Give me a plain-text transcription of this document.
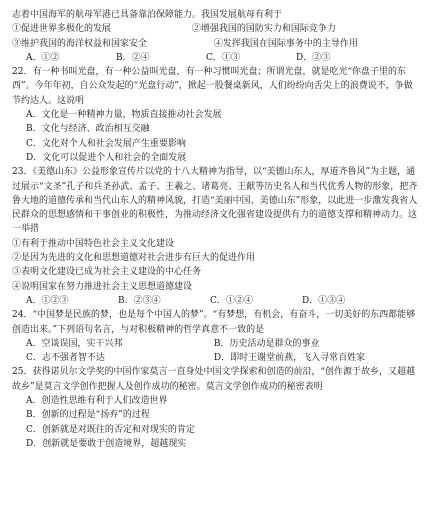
志着中国海军的航母军港已具备靠泊保障能力。我国发展航母有利于
①促进世界多极化的发展	②增强我国的国防实力和国际竞争力
③维护我国的海洋权益和国家安全	④发挥我国在国际事务中的主导作用
A．①②	B．②④	C．①③	D．②③
22．有一种书叫光盘，有一种公益叫光盘，有一种习惯叫光盘；所谓光盘，就是吃光“你盘子里的东西”。今年年初，自公众发起的“光盘行动”，掀起一股餐桌新风，人们纷纷向舌尖上的浪费说不，争做节约达人。这说明
A．文化是一种精神力量，物质直接推动社会发展
B．文化与经济、政治相互交融
C．文化对个人和社会发展产生重要影响
D．文化可以促进个人和社会的全面发展
23．《美德山东》公益形象宣传片以党的十八大精神为指导，以“美德山东人，厚道齐鲁风”为主题，通过展示“文圣”孔子和兵圣孙武、孟子、王羲之、诸葛亮、王献等历史名人和当代优秀人物的形象，把齐鲁大地的道德传承和当代山东人的精神风貌，打造“美丽中国、美德山东”形象，以此进一步激发我省人民群众的思想感情和干事创业的积极性，为推动经济文化强省建设提供有力的道德支撑和精神动力。这一举措
①有利于推动中国特色社会主义文化建设
②是因为先进的文化和思想道德对社会进步有巨大的促进作用
③表明文化建设已成为社会主义建设的中心任务
④说明国家在努力推进社会主义思想道德建设
A．①②③	B．②③④	C．①②④	D．①③④
24．“中国梦是民族的梦，也是每个中国人的梦”。“有梦想，有机会，有奋斗，一切美好的东西都能够创造出来。”下列语句名言，与对积极精神的哲学真意不一致的是
A．空谈误国，实干兴邦	B．历史活动是群众的事业
C．志不强者智不达	D．即时王谢堂前燕，飞入寻常百姓家
25．获得诺贝尔文学奖的中国作家莫言一直身处中国文学探索和创造的前沿，“创作源于故乡，又超越故乡”是莫言文学创作把握人及创作成功的秘密。莫言文学创作成功的秘密表明
A．创造性思维有利于人们改造世界
B．创新的过程是“扬弃”的过程
C．创新就是对既往的否定和对现实的肯定
D．创新就是要敢于创造境界，超越现实
